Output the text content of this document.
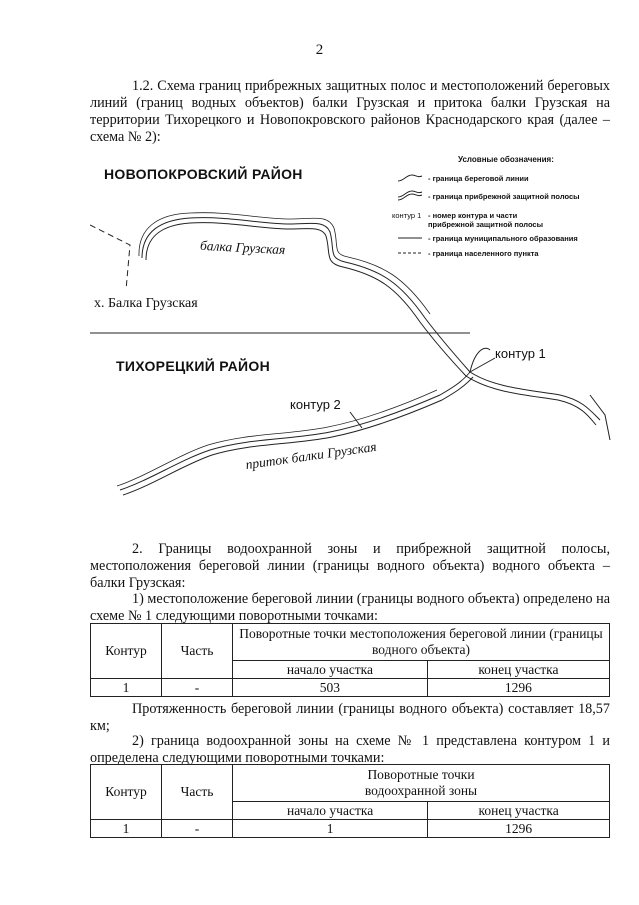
2
1.2. Схема границ прибрежных защитных полос и местоположений береговых линий (границ водных объектов) балки Грузская и притока балки Грузская на территории Тихорецкого и Новопокровского районов Краснодарского края (далее – схема № 2):
НОВОПОКРОВСКИЙ РАЙОН
ТИХОРЕЦКИЙ РАЙОН
балка Грузская
приток балки Грузская
х. Балка Грузская
контур 1
контур 2
Условные обозначения:
- граница береговой линии
- граница прибрежной защитной полосы
контур 1 - номер контура и части прибрежной защитной полосы
- граница муниципального образования
- граница населенного пункта
2. Границы водоохранной зоны и прибрежной защитной полосы, местоположения береговой линии (границы водного объекта) водного объекта – балки Грузская:
1) местоположение береговой линии (границы водного объекта) определено на схеме № 1 следующими поворотными точками:
Контур	Часть	Поворотные точки местоположения береговой линии (границы водного объекта)	
		начало участка	конец участка
1	-	503	1296
Протяженность береговой линии (границы водного объекта) составляет 18,57 км;
2) граница водоохранной зоны на схеме № 1 представлена контуром 1 и определена следующими поворотными точками:
Контур	Часть	Поворотные точки
водоохранной зоны	
		начало участка	конец участка
1	-	1	1296
